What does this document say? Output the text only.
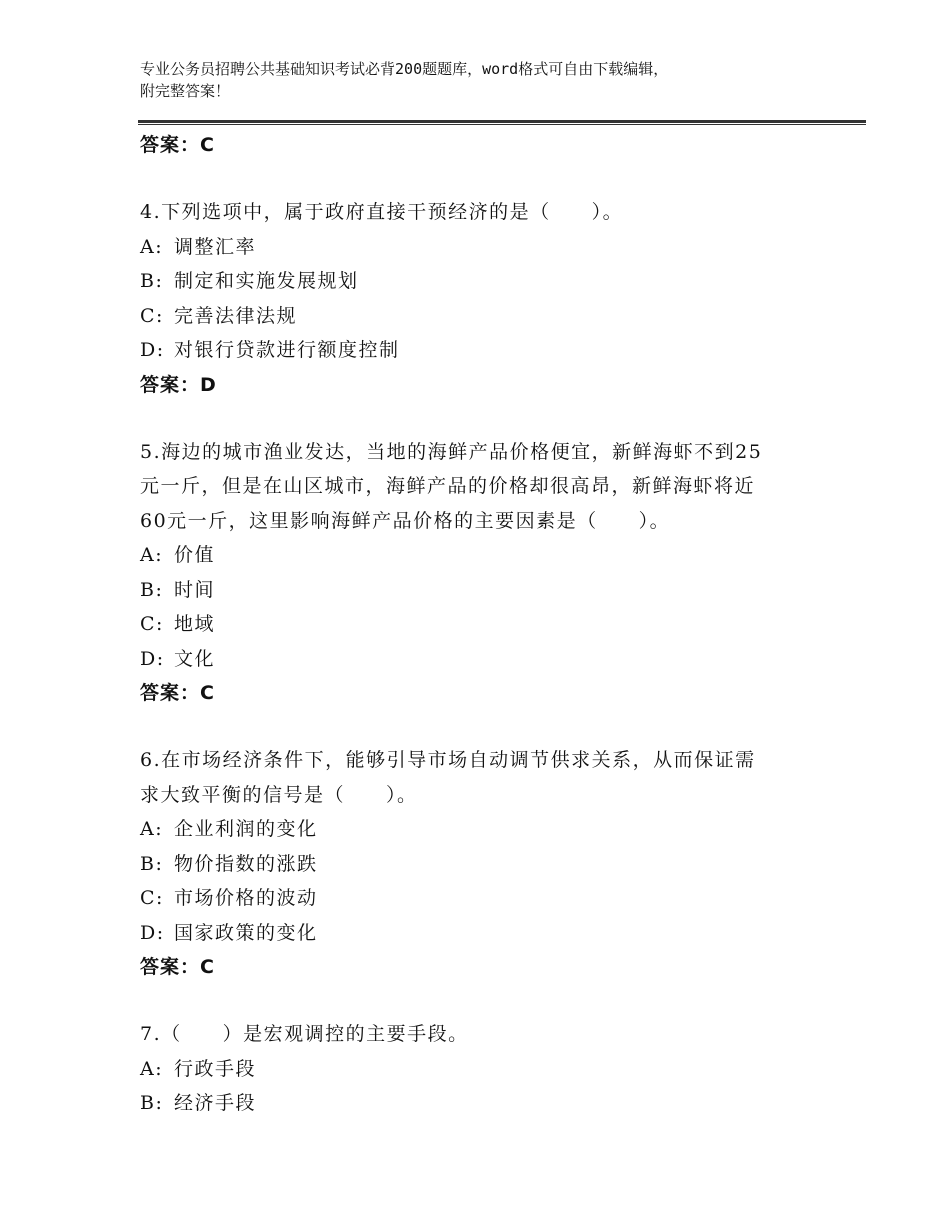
专业公务员招聘公共基础知识考试必背200题题库，word格式可自由下载编辑，
附完整答案！
答案：C
4.下列选项中，属于政府直接干预经济的是（　　）。
A: 调整汇率
B: 制定和实施发展规划
C: 完善法律法规
D: 对银行贷款进行额度控制
答案：D
5.海边的城市渔业发达，当地的海鲜产品价格便宜，新鲜海虾不到25
元一斤，但是在山区城市，海鲜产品的价格却很高昂，新鲜海虾将近
60元一斤，这里影响海鲜产品价格的主要因素是（　　）。
A: 价值
B: 时间
C: 地域
D: 文化
答案：C
6.在市场经济条件下，能够引导市场自动调节供求关系，从而保证需
求大致平衡的信号是（　　）。
A: 企业利润的变化
B: 物价指数的涨跌
C: 市场价格的波动
D: 国家政策的变化
答案：C
7.（　　）是宏观调控的主要手段。
A: 行政手段
B: 经济手段
